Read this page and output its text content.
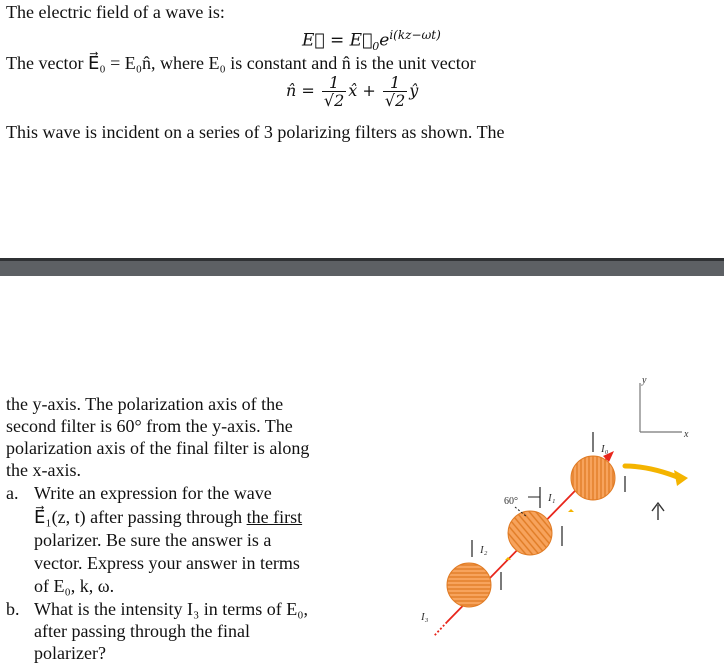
The electric field of a wave is:
E⃗ = $E⃗_0e^{i(kz-\omega t)}$
The vector E⃗₀ = E₀n̂, where E₀ is constant and n̂ is the unit vector
n̂ = $\frac{1}{√2}$ x̂ + $\frac{1}{√2}$ ŷ
This wave is incident on a series of 3 polarizing filters as shown. The
the y-axis. The polarization axis of the
second filter is 60° from the y-axis. The
polarization axis of the final filter is along
the x-axis.
a. Write an expression for the wave
E⃗₁(z, t) after passing through the first
polarizer. Be sure the answer is a
vector. Express your answer in terms
of E₀, k, ω.
b. What is the intensity I₃ in terms of E₀,
after passing through the final
polarizer?
y
x
I₀
60°	I₁
I₂
I₃
